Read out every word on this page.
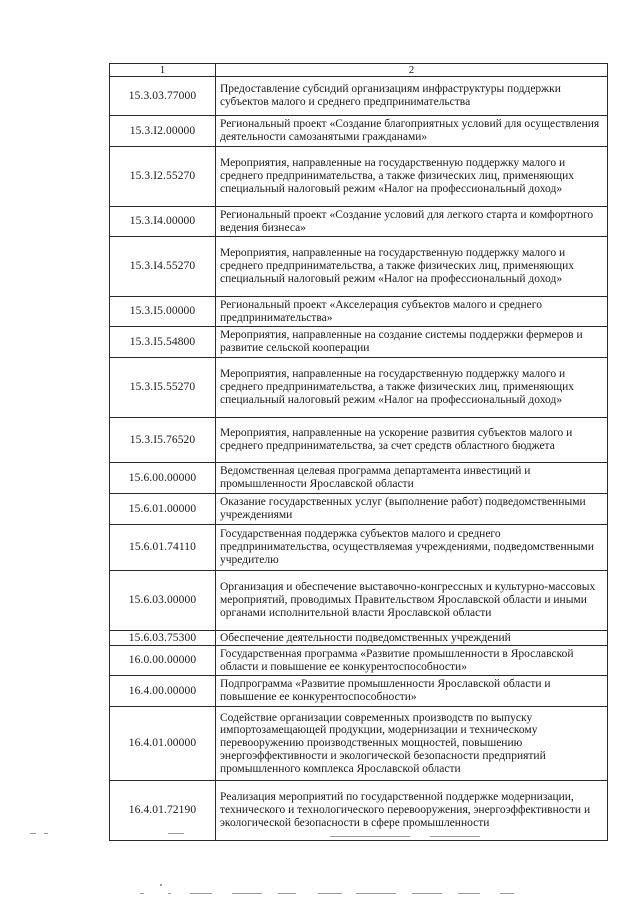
1	2
15.3.03.77000	Предоставление субсидий организациям инфраструктуры поддержки субъектов малого и среднего предпринимательства
15.3.I2.00000	Региональный проект «Создание благоприятных условий для осуществления деятельности самозанятыми гражданами»
15.3.I2.55270	Мероприятия, направленные на государственную поддержку малого и среднего предпринимательства, а также физических лиц, применяющих специальный налоговый режим «Налог на профессиональный доход»
15.3.I4.00000	Региональный проект «Создание условий для легкого старта и комфортного ведения бизнеса»
15.3.I4.55270	Мероприятия, направленные на государственную поддержку малого и среднего предпринимательства, а также физических лиц, применяющих специальный налоговый режим «Налог на профессиональный доход»
15.3.I5.00000	Региональный проект «Акселерация субъектов малого и среднего предпринимательства»
15.3.I5.54800	Мероприятия, направленные на создание системы поддержки фермеров и развитие сельской кооперации
15.3.I5.55270	Мероприятия, направленные на государственную поддержку малого и среднего предпринимательства, а также физических лиц, применяющих специальный налоговый режим «Налог на профессиональный доход»
15.3.I5.76520	Мероприятия, направленные на ускорение развития субъектов малого и среднего предпринимательства, за счет средств областного бюджета
15.6.00.00000	Ведомственная целевая программа департамента инвестиций и промышленности Ярославской области
15.6.01.00000	Оказание государственных услуг (выполнение работ) подведомственными учреждениями
15.6.01.74110	Государственная поддержка субъектов малого и среднего предпринимательства, осуществляемая учреждениями, подведомственными учредителю
15.6.03.00000	Организация и обеспечение выставочно-конгрессных и культурно-массовых мероприятий, проводимых Правительством Ярославской области и иными органами исполнительной власти Ярославской области
15.6.03.75300	Обеспечение деятельности подведомственных учреждений
16.0.00.00000	Государственная программа «Развитие промышленности в Ярославской области и повышение ее конкурентоспособности»
16.4.00.00000	Подпрограмма «Развитие промышленности Ярославской области и повышение ее конкурентоспособности»
16.4.01.00000	Содействие организации современных производств по выпуску импортозамещающей продукции, модернизации и техническому перевооружению производственных мощностей, повышению энергоэффективности и экологической безопасности предприятий промышленного комплекса Ярославской области
16.4.01.72190	Реализация мероприятий по государственной поддержке модернизации, технического и технологического перевооружения, энергоэффективности и экологической безопасности в сфере промышленности
